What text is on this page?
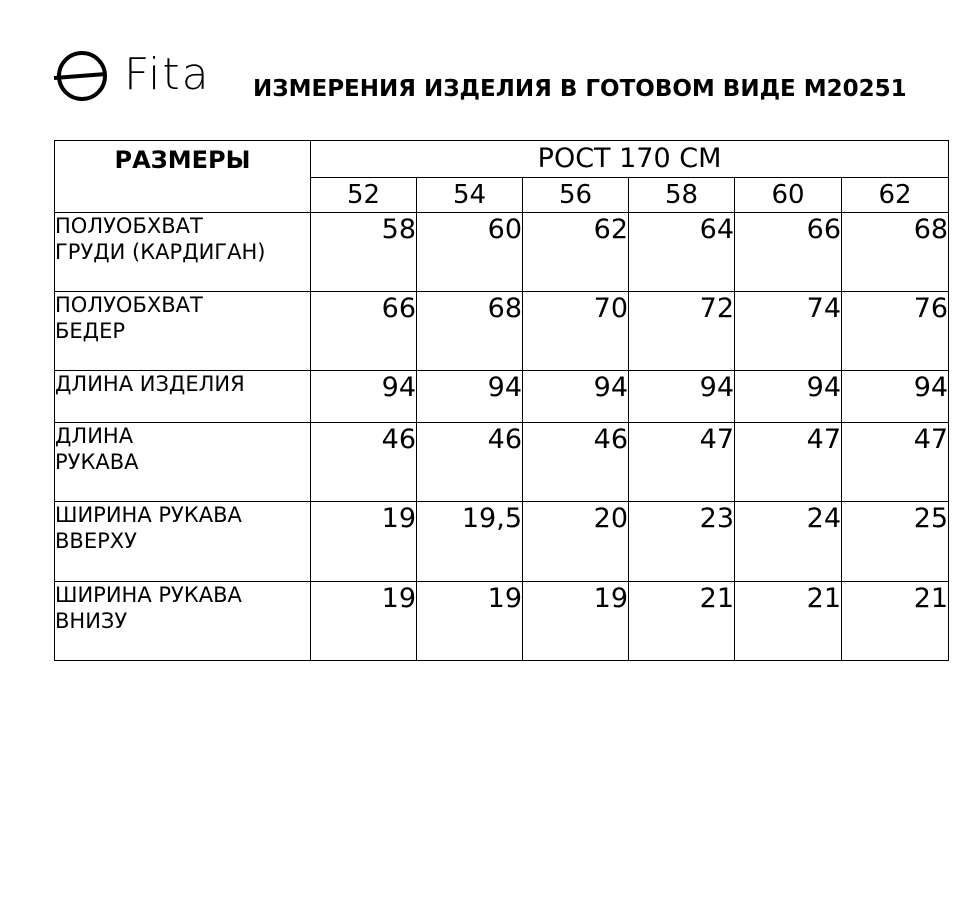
Fita ИЗМЕРЕНИЯ ИЗДЕЛИЯ В ГОТОВОМ ВИДЕ М20251
РАЗМЕРЫ	РОСТ 170 СМ					
	52	54	56	58	60	62

ПОЛУОБХВАТ
ГРУДИ (КАРДИГАН)	58	60	62	64	66	68

ПОЛУОБХВАТ
БЕДЕР	66	68	70	72	74	76

ДЛИНА ИЗДЕЛИЯ	94	94	94	94	94	94

ДЛИНА
РУКАВА	46	46	46	47	47	47

ШИРИНА РУКАВА
ВВЕРХУ	19	19,5	20	23	24	25

ШИРИНА РУКАВА
ВНИЗУ	19	19	19	21	21	21
